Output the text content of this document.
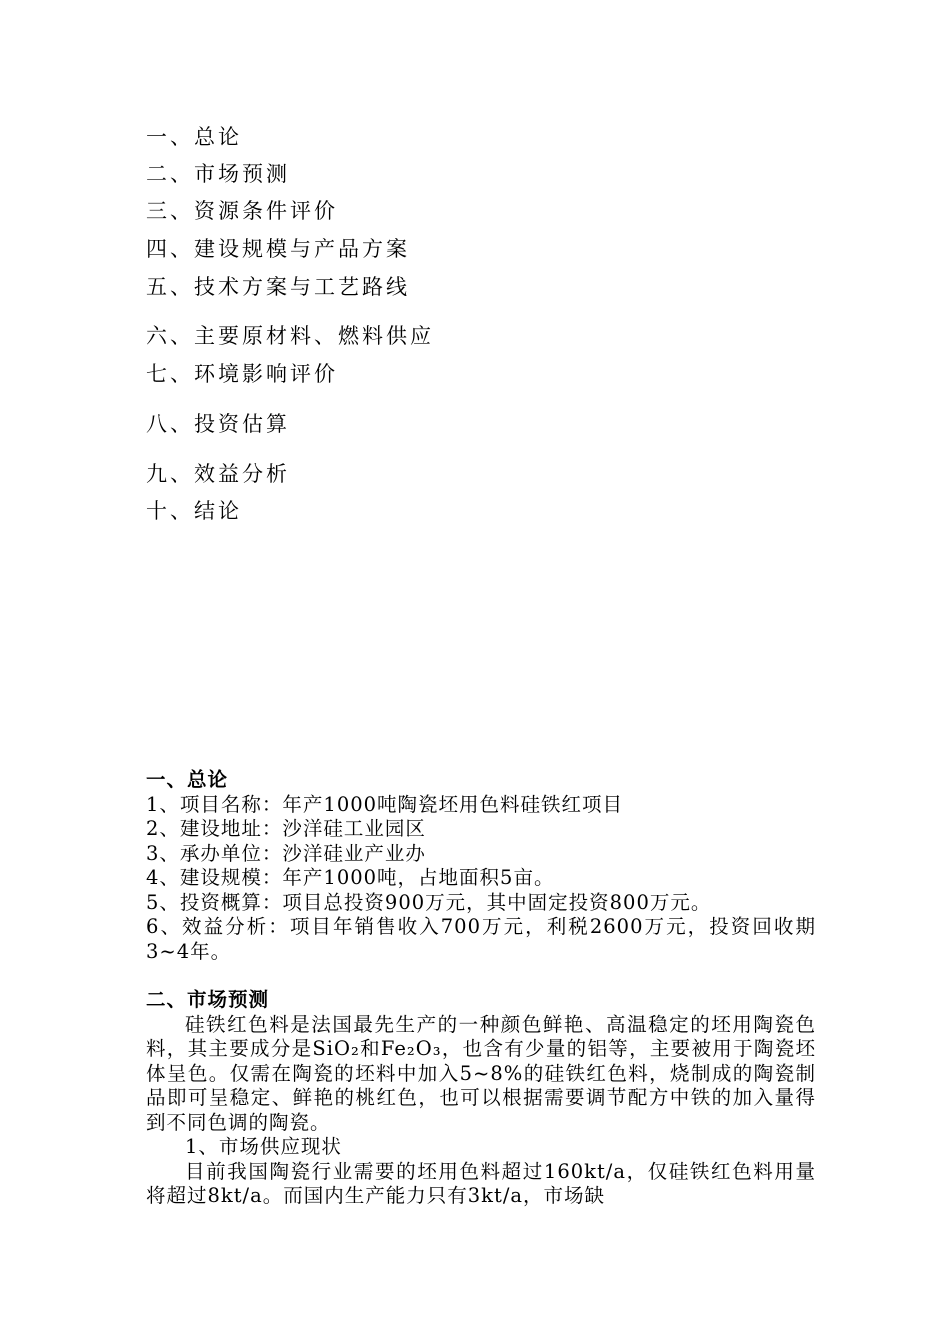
一、总论
二、市场预测
三、资源条件评价
四、建设规模与产品方案
五、技术方案与工艺路线
六、主要原材料、燃料供应
七、环境影响评价
八、投资估算
九、效益分析
十、结论
一、总论
1、项目名称：年产1000吨陶瓷坯用色料硅铁红项目
2、建设地址：沙洋硅工业园区
3、承办单位：沙洋硅业产业办
4、建设规模：年产1000吨，占地面积5亩。
5、投资概算：项目总投资900万元，其中固定投资800万元。
6、效益分析：项目年销售收入700万元，利税2600万元，投资回收期3~4年。
二、市场预测
硅铁红色料是法国最先生产的一种颜色鲜艳、高温稳定的坯用陶瓷色料，其主要成分是SiO₂和Fe₂O₃，也含有少量的铝等，主要被用于陶瓷坯体呈色。仅需在陶瓷的坯料中加入5~8%的硅铁红色料，烧制成的陶瓷制品即可呈稳定、鲜艳的桃红色，也可以根据需要调节配方中铁的加入量得到不同色调的陶瓷。
1、市场供应现状
目前我国陶瓷行业需要的坯用色料超过160kt/a，仅硅铁红色料用量将超过8kt/a。而国内生产能力只有3kt/a，市场缺
